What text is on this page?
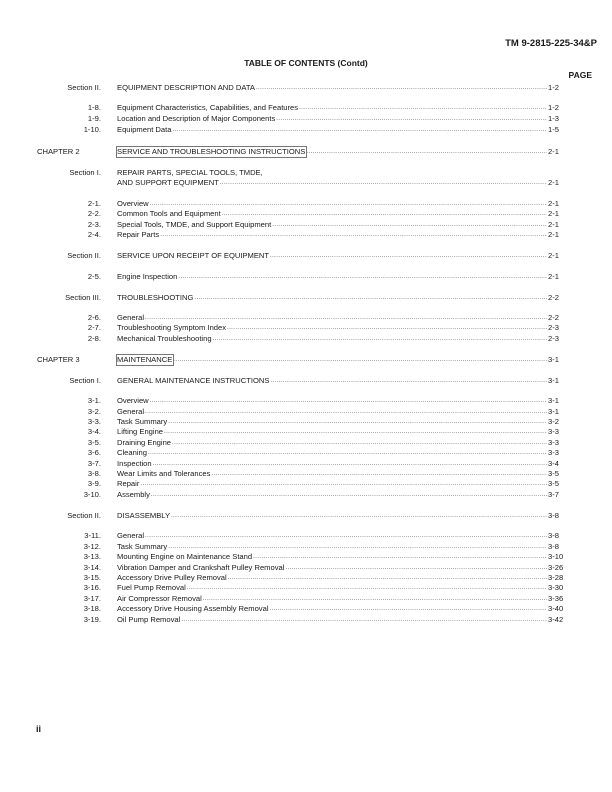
TM 9-2815-225-34&P
TABLE OF CONTENTS (Contd)
PAGE
Section II. EQUIPMENT DESCRIPTION AND DATA .....	1-2
1-8. Equipment Characteristics, Capabilities, and Features .....	1-2
1-9. Location and Description of Major Components .....	1-3
1-10. Equipment Data .....	1-5
CHAPTER 2	SERVICE AND TROUBLESHOOTING INSTRUCTIONS .....	2-1
Section I. REPAIR PARTS, SPECIAL TOOLS, TMDE,
AND SUPPORT EQUIPMENT .....	2-1
2-1. Overview .....	2-1
2-2. Common Tools and Equipment .....	2-1
2-3. Special Tools, TMDE, and Support Equipment .....	2-1
2-4. Repair Parts .....	2-1
Section II. SERVICE UPON RECEIPT OF EQUIPMENT .....	2-1
2-5. Engine Inspection .....	2-1
Section III. TROUBLESHOOTING .....	2-2
2-6. General .....	2-2
2-7. Troubleshooting Symptom Index .....	2-3
2-8. Mechanical Troubleshooting .....	2-3
CHAPTER 3	MAINTENANCE .....	3-1
Section I. GENERAL MAINTENANCE INSTRUCTIONS .....	3-1
3-1. Overview .....	3-1
3-2. General .....	3-1
3-3. Task Summary .....	3-2
3-4. Lifting Engine .....	3-3
3-5. Draining Engine .....	3-3
3-6. Cleaning .....	3-3
3-7. Inspection .....	3-4
3-8. Wear Limits and Tolerances .....	3-5
3-9. Repair .....	3-5
3-10. Assembly .....	3-7
Section II. DISASSEMBLY .....	3-8
3-11. General .....	3-8
3-12. Task Summary .....	3-8
3-13. Mounting Engine on Maintenance Stand .....	3-10
3-14. Vibration Damper and Crankshaft Pulley Removal .....	3-26
3-15. Accessory Drive Pulley Removal .....	3-28
3-16. Fuel Pump Removal .....	3-30
3-17. Air Compressor Removal .....	3-36
3-18. Accessory Drive Housing Assembly Removal .....	3-40
3-19. Oil Pump Removal .....	3-42
ii
